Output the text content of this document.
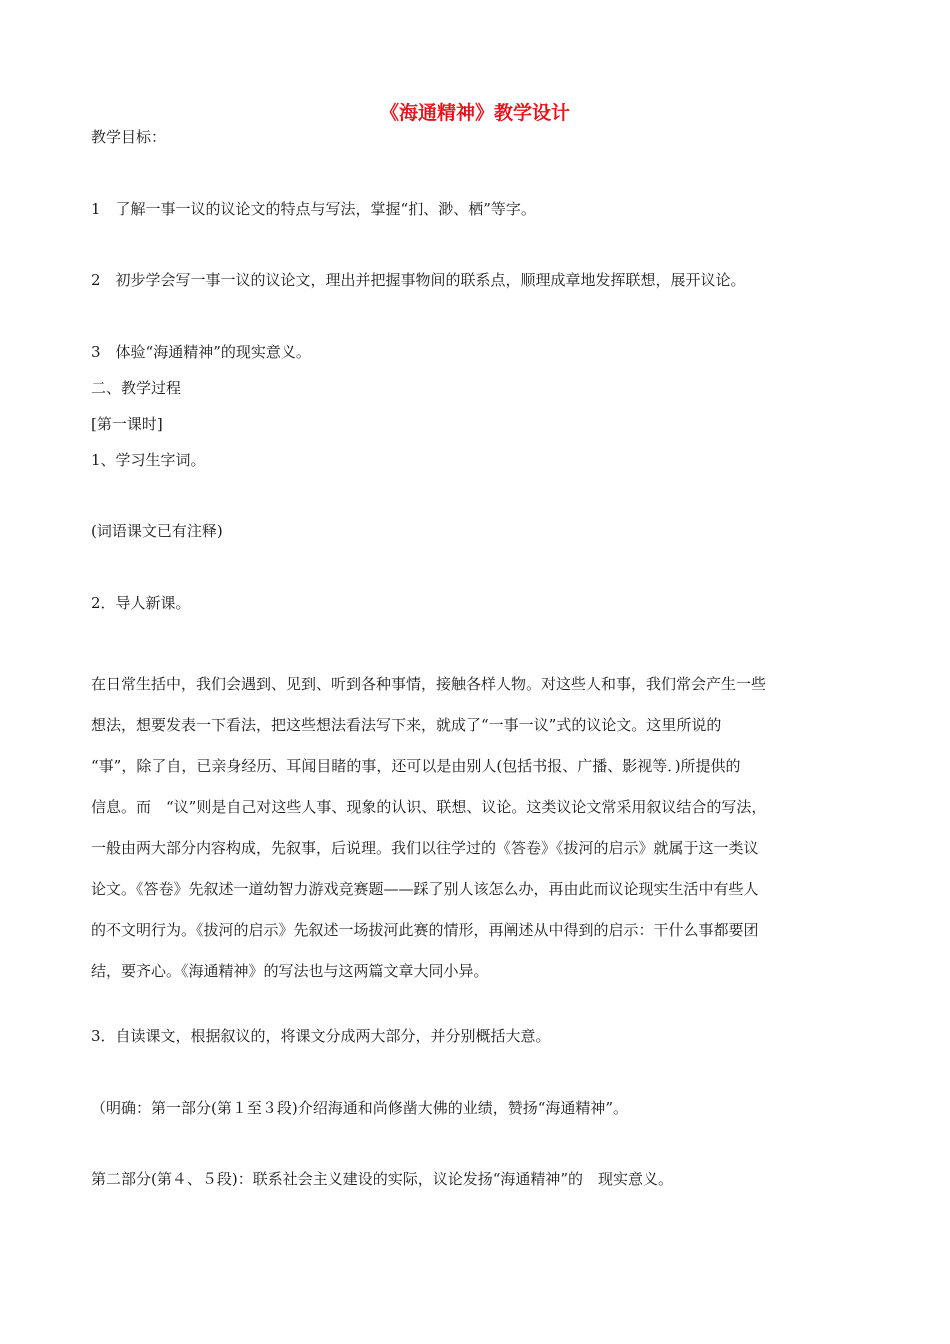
《海通精神》教学设计
教学目标：
1　了解一事一议的议论文的特点与写法，掌握“扪、渺、栖”等字。
2　初步学会写一事一议的议论文，理出并把握事物间的联系点，顺理成章地发挥联想，展开议论。
3　体验“海通精神”的现实意义。
二、教学过程
[第一课时]
1、学习生字词。
(词语课文已有注释)
2．导人新课。
在日常生括中，我们会遇到、见到、听到各种事情，接触各样人物。对这些人和事，我们常会产生一些
想法，想要发表一下看法，把这些想法看法写下来，就成了“一事一议”式的议论文。这里所说的
“事”，除了自，已亲身经历、耳闻目睹的事，还可以是由别人(包括书报、广播、影视等．)所提供的
信息。而　“议”则是自己对这些人事、现象的认识、联想、议论。这类议论文常采用叙议结合的写法，
一般由两大部分内容构成，先叙事，后说理。我们以往学过的《答卷》《拔河的启示》就属于这一类议
论文。《答卷》先叙述一道幼智力游戏竞赛题——踩了别人该怎么办，再由此而议论现实生活中有些人
的不文明行为。《拔河的启示》先叙述一场拔河此赛的情形，再阐述从中得到的启示：干什么事都要团
结，要齐心。《海通精神》的写法也与这两篇文章大同小异。
3．自读课文，根据叙议的，将课文分成两大部分，并分别概括大意。
（明确：第一部分(第１至３段)介绍海通和尚修凿大佛的业绩，赞扬“海通精神”。
第二部分(第４、５段)：联系社会主义建设的实际，议论发扬“海通精神”的　现实意义。
